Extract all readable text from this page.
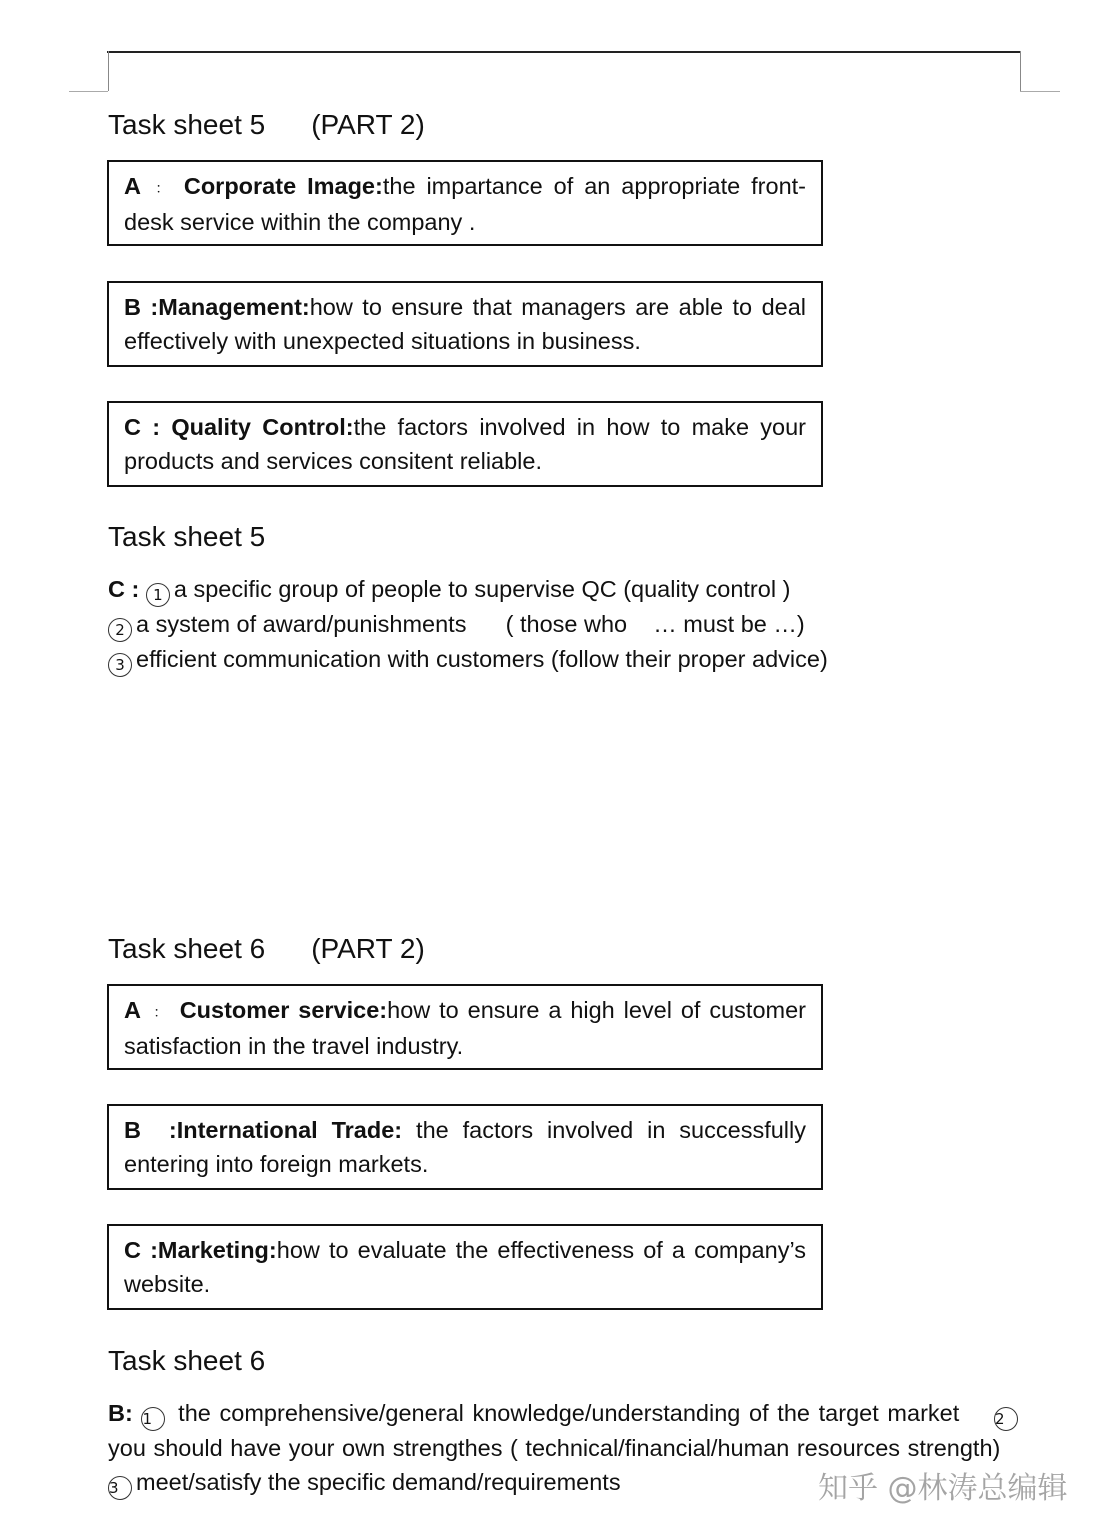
Task sheet 5 (PART 2)

A ： Corporate Image:the impartance of an appropriate front-desk service within the company .

B :Management:how to ensure that managers are able to deal effectively with unexpected situations in business.

C : Quality Control:the factors involved in how to make your products and services consitent reliable.

Task sheet 5
C : 1 a specific group of people to supervise QC (quality control )
2 a system of award/punishments      ( those who    … must be …)
3 efficient communication with customers (follow their proper advice)
Task sheet 6 (PART 2)

A ： Customer service:how to ensure a high level of customer satisfaction in the travel industry.

B :International Trade: the factors involved in successfully entering into foreign markets.

C :Marketing:how to evaluate the effectiveness of a company’s website.

Task sheet 6

B: 1 the comprehensive/general knowledge/understanding of the target market 2you should have your own strengthes ( technical/financial/human resources strength)    3 meet/satisfy the specific demand/requirements	知乎 @林涛总编辑
